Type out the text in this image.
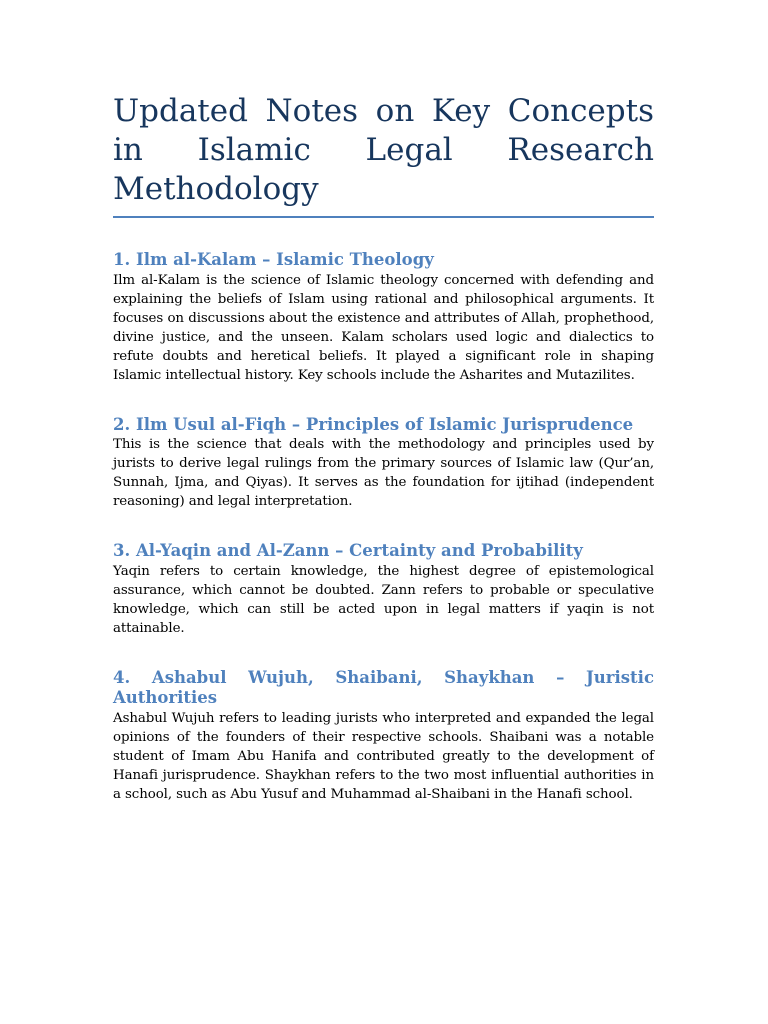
Updated Notes on Key Concepts in Islamic Legal Research Methodology
1. Ilm al-Kalam – Islamic Theology

Ilm al-Kalam is the science of Islamic theology concerned with defending and explaining the beliefs of Islam using rational and philosophical arguments. It focuses on discussions about the existence and attributes of Allah, prophethood, divine justice, and the unseen. Kalam scholars used logic and dialectics to refute doubts and heretical beliefs. It played a significant role in shaping Islamic intellectual history. Key schools include the Asharites and Mutazilites.

2. Ilm Usul al-Fiqh – Principles of Islamic Jurisprudence

This is the science that deals with the methodology and principles used by jurists to derive legal rulings from the primary sources of Islamic law (Qur’an, Sunnah, Ijma, and Qiyas). It serves as the foundation for ijtihad (independent reasoning) and legal interpretation.

3. Al-Yaqin and Al-Zann – Certainty and Probability

Yaqin refers to certain knowledge, the highest degree of epistemological assurance, which cannot be doubted. Zann refers to probable or speculative knowledge, which can still be acted upon in legal matters if yaqin is not attainable.

4. Ashabul Wujuh, Shaibani, Shaykhan – Juristic Authorities

Ashabul Wujuh refers to leading jurists who interpreted and expanded the legal opinions of the founders of their respective schools. Shaibani was a notable student of Imam Abu Hanifa and contributed greatly to the development of Hanafi jurisprudence. Shaykhan refers to the two most influential authorities in a school, such as Abu Yusuf and Muhammad al-Shaibani in the Hanafi school.
